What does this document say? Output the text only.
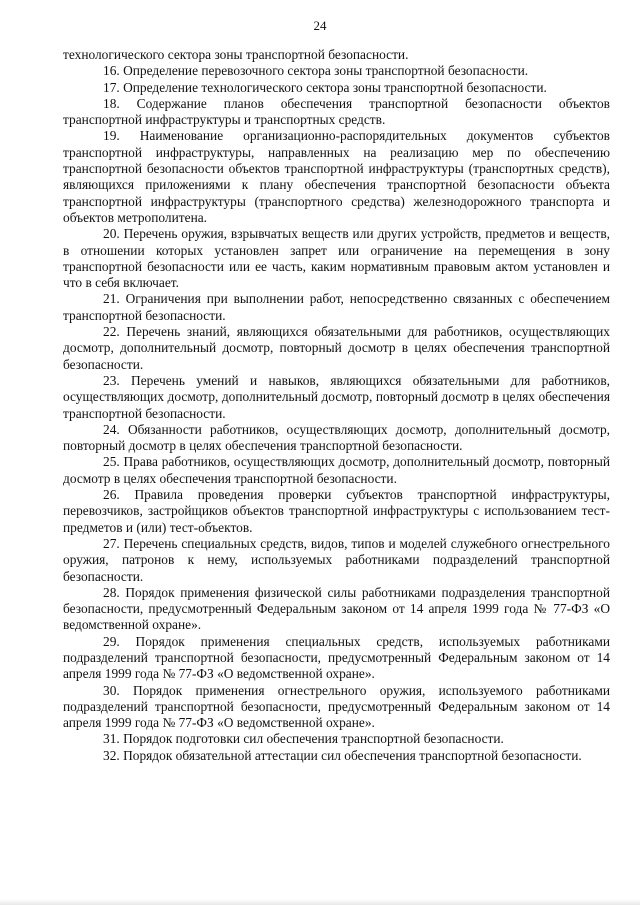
24

технологического сектора зоны транспортной безопасности.

16. Определение перевозочного сектора зоны транспортной безопасности.

17. Определение технологического сектора зоны транспортной безопасности.

18. Содержание планов обеспечения транспортной безопасности объектов транспортной инфраструктуры и транспортных средств.

19. Наименование организационно-распорядительных документов субъектов транспортной инфраструктуры, направленных на реализацию мер по обеспечению транспортной безопасности объектов транспортной инфраструктуры (транспортных средств), являющихся приложениями к плану обеспечения транспортной безопасности объекта транспортной инфраструктуры (транспортного средства) железнодорожного транспорта и объектов метрополитена.

20. Перечень оружия, взрывчатых веществ или других устройств, предметов и веществ, в отношении которых установлен запрет или ограничение на перемещения в зону транспортной безопасности или ее часть, каким нормативным правовым актом установлен и что в себя включает.

21. Ограничения при выполнении работ, непосредственно связанных с обеспечением транспортной безопасности.

22. Перечень знаний, являющихся обязательными для работников, осуществляющих досмотр, дополнительный досмотр, повторный досмотр в целях обеспечения транспортной безопасности.

23. Перечень умений и навыков, являющихся обязательными для работников, осуществляющих досмотр, дополнительный досмотр, повторный досмотр в целях обеспечения транспортной безопасности.

24. Обязанности работников, осуществляющих досмотр, дополнительный досмотр, повторный досмотр в целях обеспечения транспортной безопасности.

25. Права работников, осуществляющих досмотр, дополнительный досмотр, повторный досмотр в целях обеспечения транспортной безопасности.

26. Правила проведения проверки субъектов транспортной инфраструктуры, перевозчиков, застройщиков объектов транспортной инфраструктуры с использованием тест-предметов и (или) тест-объектов.

27. Перечень специальных средств, видов, типов и моделей служебного огнестрельного оружия, патронов к нему, используемых работниками подразделений транспортной безопасности.

28. Порядок применения физической силы работниками подразделения транспортной безопасности, предусмотренный Федеральным законом от 14 апреля 1999 года № 77-ФЗ «О ведомственной охране».

29. Порядок применения специальных средств, используемых работниками подразделений транспортной безопасности, предусмотренный Федеральным законом от 14 апреля 1999 года № 77-ФЗ «О ведомственной охране».

30. Порядок применения огнестрельного оружия, используемого работниками подразделений транспортной безопасности, предусмотренный Федеральным законом от 14 апреля 1999 года № 77-ФЗ «О ведомственной охране».

31. Порядок подготовки сил обеспечения транспортной безопасности.

32. Порядок обязательной аттестации сил обеспечения транспортной безопасности.
